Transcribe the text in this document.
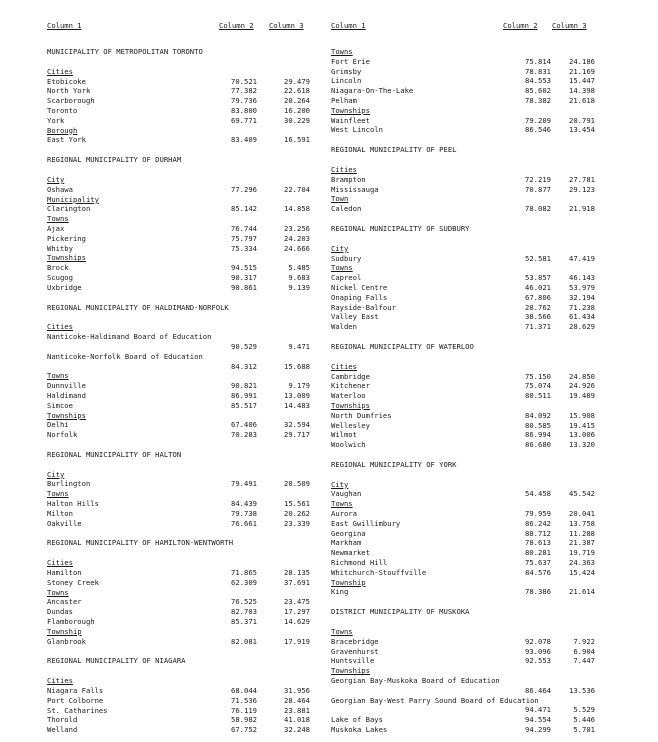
Column 1	Column 2 Column 3
MUNICIPALITY OF METROPOLITAN TORONTO
Cities
Etobicoke	70.521	29.479
North York	77.382	22.618
Scarborough	79.736	20.264
Toronto	83.800	16.200
York	69.771	30.229
Borough
East York	83.409	16.591
REGIONAL MUNICIPALITY OF DURHAM
City
Oshawa	77.296	22.704
Municipality
Clarington	85.142	14.858
Towns
Ajax	76.744	23.256
Pickering	75.797	24.203
Whitby	75.334	24.666
Townships
Brock	94.515	5.485
Scugog	90.317	9.683
Uxbridge	90.861	9.139
REGIONAL MUNICIPALITY OF HALDIMAND-NORFOLK
Cities
Nanticoke-Haldimand Board of Education
90.529	9.471
Nanticoke-Norfolk Board of Education
84.312	15.688
Towns
Dunnville	90.821	9.179
Haldimand	86.991	13.009
Simcoe	85.517	14.483
Townships
Delhi	67.406	32.594
Norfolk	70.283	29.717
REGIONAL MUNICIPALITY OF HALTON
City
Burlington	79.491	20.509
Towns
Halton Hills	84.439	15.561
Milton	79.738	20.262
Oakville	76.661	23.339
REGIONAL MUNICIPALITY OF HAMILTON-WENTWORTH
Cities
Hamilton	71.865	28.135
Stoney Creek	62.309	37.691
Towns
Ancaster	76.525	23.475
Dundas	82.703	17.297
Flamborough	85.371	14.629
Township
Glanbrook	82.081	17.919
REGIONAL MUNICIPALITY OF NIAGARA
Cities
Niagara Falls	68.044	31.956
Port Colborne	71.536	28.464
St. Catharines	76.119	23.881
Thorold	58.982	41.018
Welland	67.752	32.248
Column 1	Column 2 Column 3
Towns
Fort Erie	75.814	24.186
Grimsby	78.831	21.169
Lincoln	84.553	15.447
Niagara-On-The-Lake	85.602	14.398
Pelham	78.382	21.618
Townships
Wainfleet	79.209	20.791
West Lincoln	86.546	13.454
REGIONAL MUNICIPALITY OF PEEL
Cities
Brampton	72.219	27.781
Mississauga	70.877	29.123
Town
Caledon	78.082	21.918
REGIONAL MUNICIPALITY OF SUDBURY
City
Sudbury	52.581	47.419
Towns
Capreol	53.857	46.143
Nickel Centre	46.021	53.979
Onaping Falls	67.806	32.194
Rayside-Balfour	28.762	71.238
Valley East	38.566	61.434
Walden	71.371	28.629
REGIONAL MUNICIPALITY OF WATERLOO
Cities
Cambridge	75.150	24.850
Kitchener	75.074	24.926
Waterloo	80.511	19.489
Townships
North Dumfries	84.092	15.908
Wellesley	80.585	19.415
Wilmot	86.994	13.006
Woolwich	86.680	13.320
REGIONAL MUNICIPALITY OF YORK
City
Vaughan	54.458	45.542
Towns
Aurora	79.959	20.041
East Gwillimbury	86.242	13.758
Georgina	88.712	11.288
Markham	78.613	21.387
Newmarket	80.281	19.719
Richmond Hill	75.637	24.363
Whitchurch-Stouffville	84.576	15.424
Township
King	78.386	21.614
DISTRICT MUNICIPALITY OF MUSKOKA
Towns
Bracebridge	92.078	7.922
Gravenhurst	93.096	6.904
Huntsville	92.553	7.447
Townships
Georgian Bay-Muskoka Board of Education
86.464	13.536
Georgian Bay-West Parry Sound Board of Education
94.471	5.529
Lake of Bays	94.554	5.446
Muskoka Lakes	94.299	5.701
